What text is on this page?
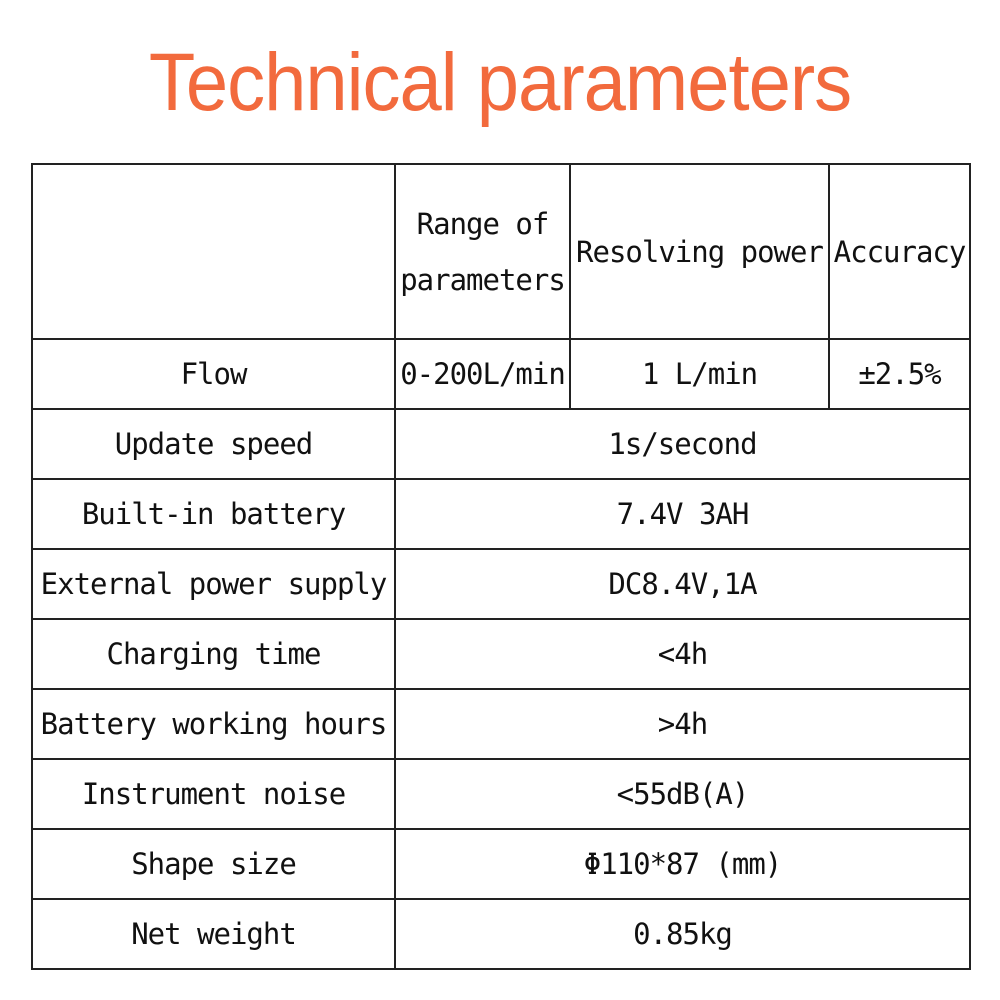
Technical parameters
	Range of parameters	Resolving power	Accuracy
Flow	0-200L/min	1 L/min	±2.5%
Update speed	1s/second		
Built-in battery	7.4V 3AH		
External power supply	DC8.4V,1A		
Charging time	<4h		
Battery working hours	>4h		
Instrument noise	<55dB(A)		
Shape size	Φ110*87 (mm)		
Net weight	0.85kg		
